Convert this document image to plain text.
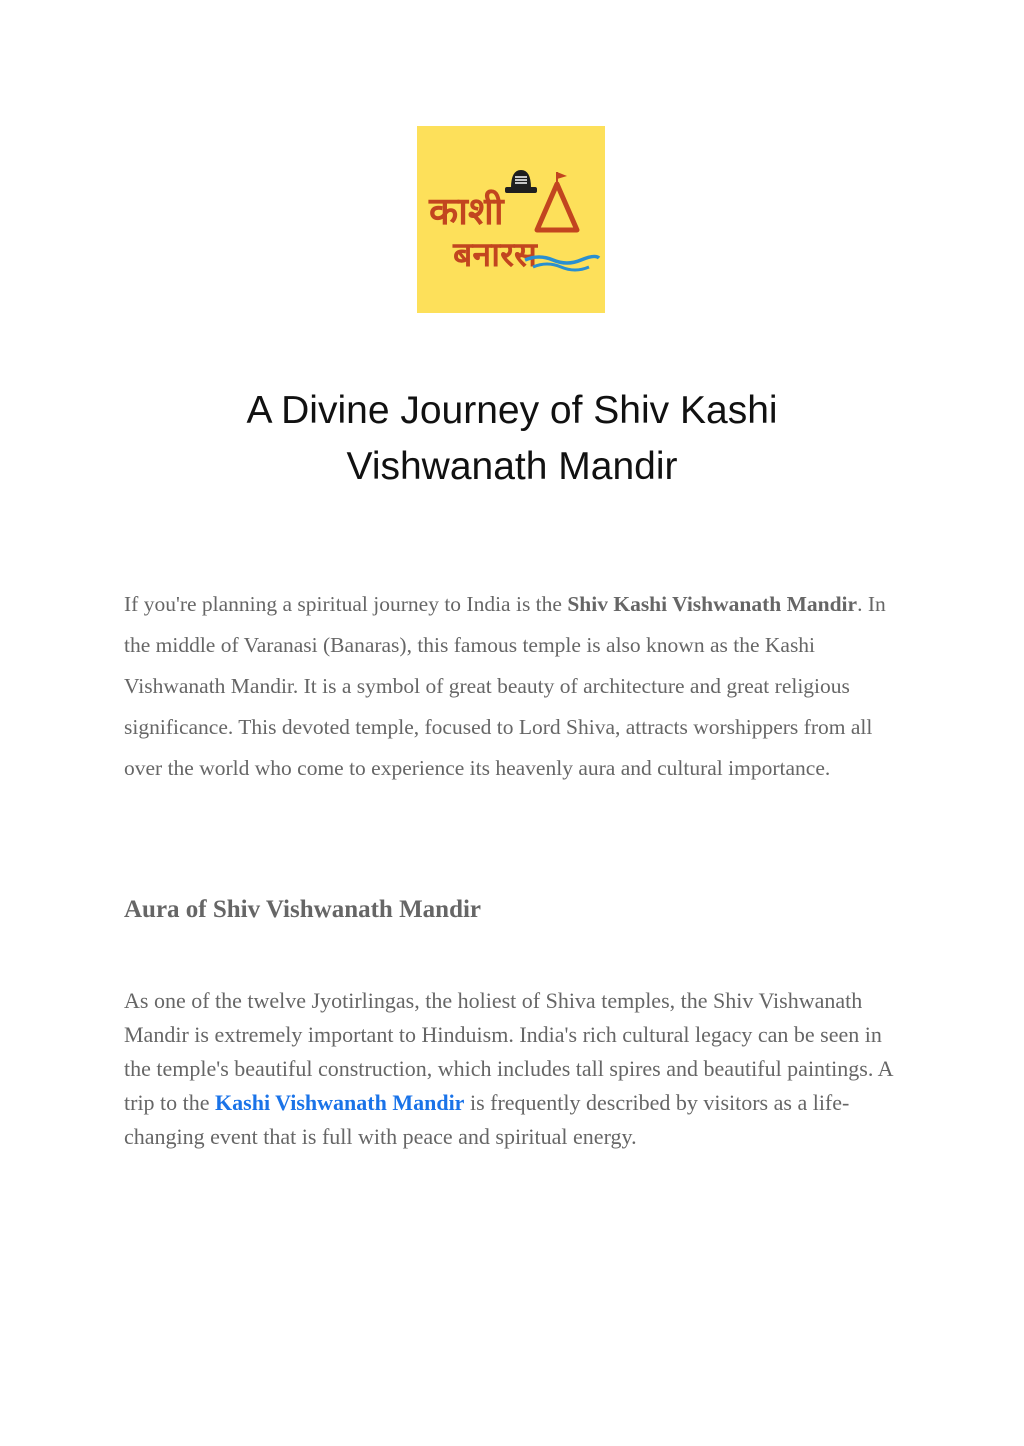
काशी
बनारस
A Divine Journey of Shiv Kashi
Vishwanath Mandir

If you're planning a spiritual journey to India is the Shiv Kashi Vishwanath Mandir. In the middle of Varanasi (Banaras), this famous temple is also known as the Kashi Vishwanath Mandir. It is a symbol of great beauty of architecture and great religious significance. This devoted temple, focused to Lord Shiva, attracts worshippers from all over the world who come to experience its heavenly aura and cultural importance.

Aura of Shiv Vishwanath Mandir

As one of the twelve Jyotirlingas, the holiest of Shiva temples, the Shiv Vishwanath Mandir is extremely important to Hinduism. India's rich cultural legacy can be seen in the temple's beautiful construction, which includes tall spires and beautiful paintings. A trip to the Kashi Vishwanath Mandir is frequently described by visitors as a life-changing event that is full with peace and spiritual energy.
